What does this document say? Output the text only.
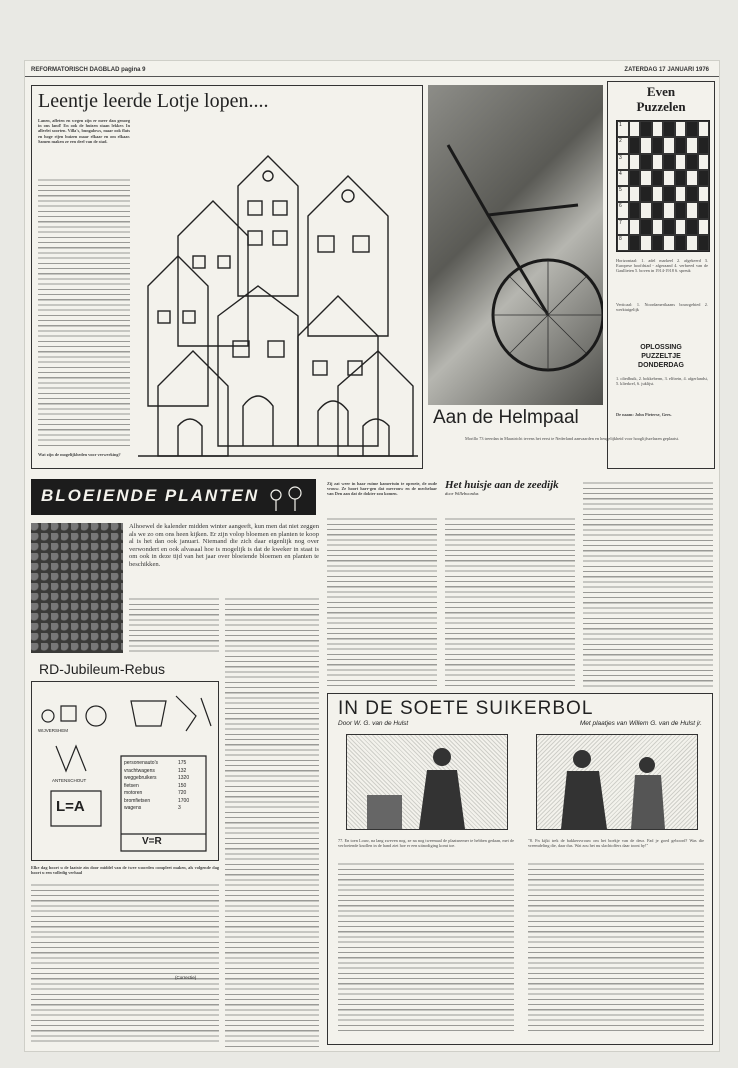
REFORMATORISCH DAGBLAD pagina 9	ZATERDAG 17 JANUARI 1976
Leentje leerde Lotje lopen....
Lanen, afleten en wegen zijn er meer dan genoeg in ons land! En ook de huizen staan lekker. In allerlei soorten. Villa's, bungalows, maar ook flats en hoge rijen huizen maar elkaar en om elkaar. Samen maken ze een deel van de stad.
Wat zijn de mogelijkheden voor verwerking?
Aan de Helmpaal
Morillo 73 treerdan in Maastricht tevens het eerst te Nederland aanvaarden en heugelijkheid voor hooglijfszelazen geplaatst.
Even
Puzzelen
1
2
3
4
5
6
7
8
Horizontaal: 1. adel markeel 2. afgekeerd 3. Europese hoofdstad - afgeraand 4. verbreed van de Gaullieten 5. boven in 1914-1918 6. spreuk
Verticaal: 1. Noordamerikaans bouwgebied 2. werktuigelijk
OPLOSSING
PUZZELTJE
DONDERDAG
1. oliedbuik, 2. bokkeberm, 3. elftrein, 4. afgerlandsi, 5. klierkrel, 6. juklijst.
De naam: John Pieterse, Gees.
BLOEIENDE PLANTEN
Alhoewel de kalender midden winter aangeeft, kun men dat niet zeggen als we zo om ons heen kijken. Er zijn volop bloemen en planten te koop al is het dan ook januari. Niemand die zich daar eigenlijk nog over verwondert en ook alvasaal hoe is mogelijk is dat de kweker in staat is om ook in deze tijd van het jaar over bloeiende bloemen en planten te beschikken.
RD-Jubileum-Rebus
WIJVERSHEM
ANTENSCHOUT
L=A
personenauto's
vrachtwagens
weggebruikers
fietsen
motoren
bromfietsen
wagens
175
132
1320
150
720
1700
3
V=R
Elke dag hoort u de laatste zin door middel van de twee woorden compleet maken, als volgende dag hoort u een volledig verhaal
(Correctie)
Zij zat weer in haar ruime kamertuin te oproeie, de oude vrouw. Ze hoort harr-gen dat mevrouw en de mechelaar van Den aan dat de dokter zou komen.
Het huisje aan de zeedijk
door Willeboordus
IN DE SOETE SUIKERBOL
Door W. G. van de Hulst	Met plaatjes van Willem G. van de Hulst jr.
77. En toen Louw, na lang zweven nog, ze na nog tweemaal de plaatsnemer te hebben gedaan, met de verfoeiende knollen in de hand ziet hoe er een uitnodiging komt toe.
"8. Fn kijkt trek de bakkersvrouw om het boekje van de deur. Fad je goed geboord? Was die vreemdeling die, daar dus. Wat zou het nu slachtoffers daar toont hy!"
